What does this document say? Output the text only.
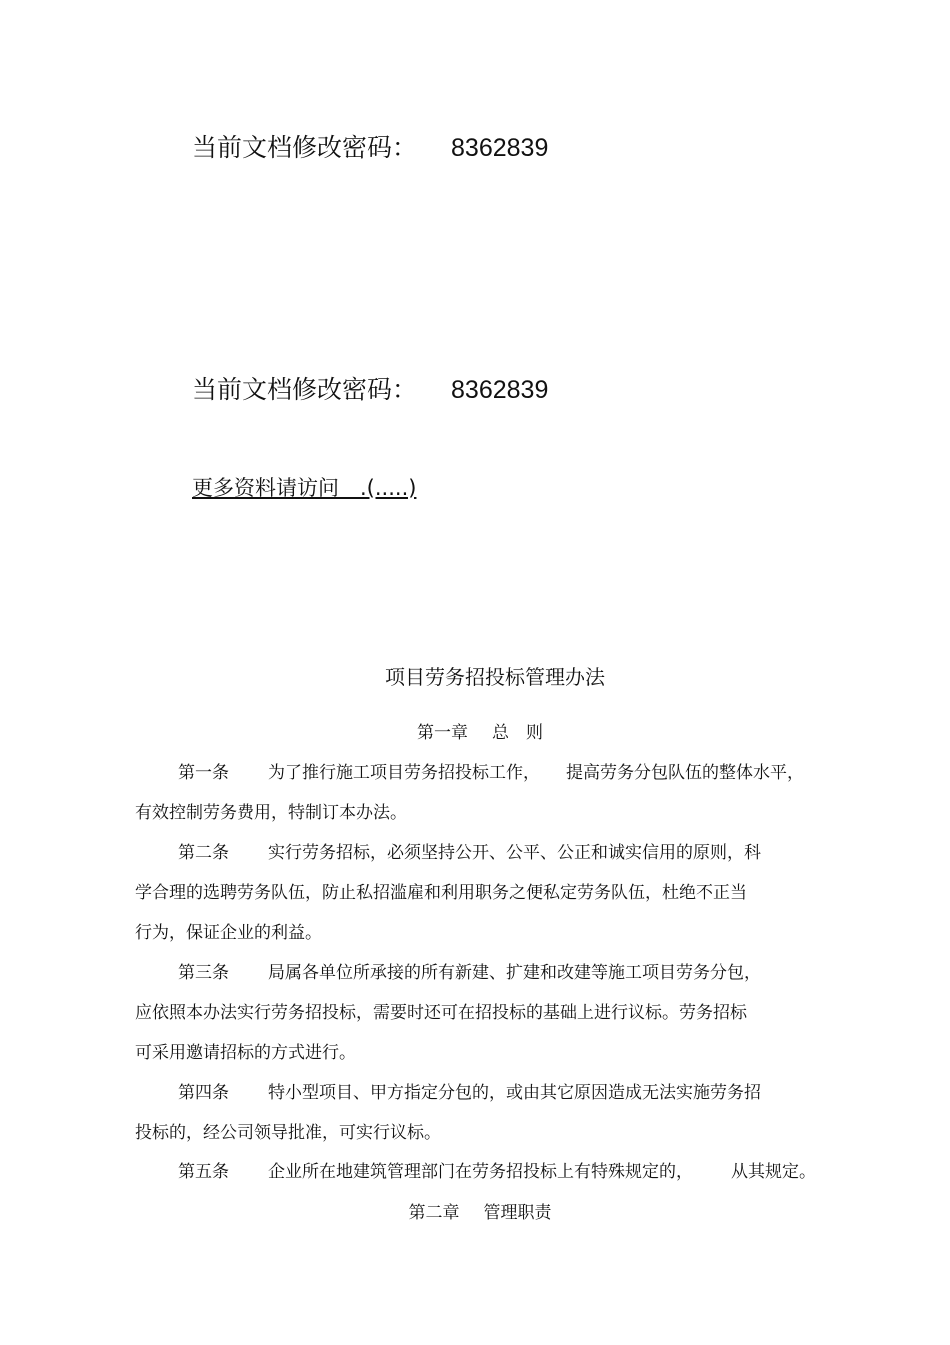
当前文档修改密码： 8362839
当前文档修改密码： 8362839
更多资料请访问　.(.....)
项目劳务招投标管理办法
第一章 总　则
第一条 为了推行施工项目劳务招投标工作， 提高劳务分包队伍的整体水平，
有效控制劳务费用，特制订本办法。
第二条 实行劳务招标，必须坚持公开、公平、公正和诚实信用的原则，科
学合理的选聘劳务队伍，防止私招滥雇和利用职务之便私定劳务队伍，杜绝不正当
行为，保证企业的利益。
第三条 局属各单位所承接的所有新建、扩建和改建等施工项目劳务分包，
应依照本办法实行劳务招投标，需要时还可在招投标的基础上进行议标。劳务招标
可采用邀请招标的方式进行。
第四条 特小型项目、甲方指定分包的，或由其它原因造成无法实施劳务招
投标的，经公司领导批准，可实行议标。
第五条 企业所在地建筑管理部门在劳务招投标上有特殊规定的， 从其规定。
第二章 管理职责
